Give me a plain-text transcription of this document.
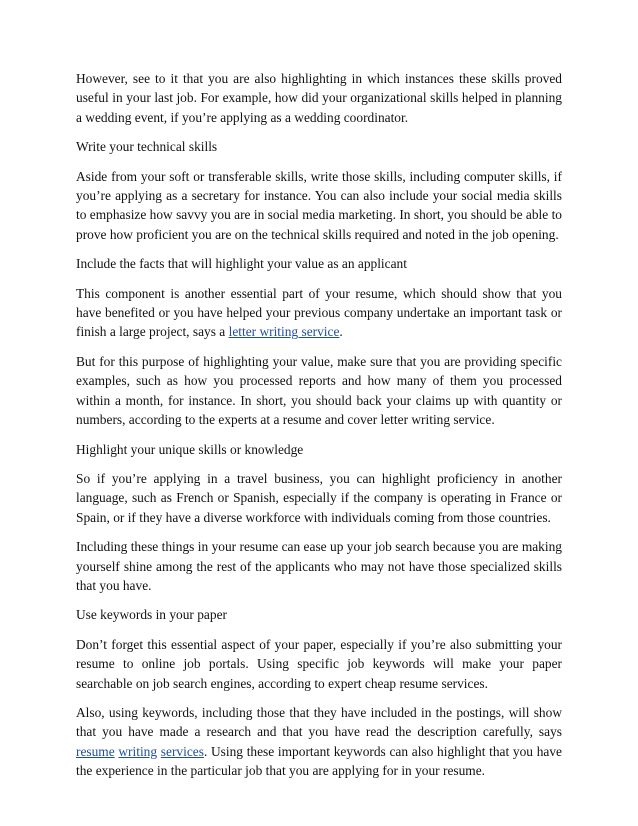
However, see to it that you are also highlighting in which instances these skills proved useful in your last job. For example, how did your organizational skills helped in planning a wedding event, if you’re applying as a wedding coordinator.

Write your technical skills

Aside from your soft or transferable skills, write those skills, including computer skills, if you’re applying as a secretary for instance. You can also include your social media skills to emphasize how savvy you are in social media marketing. In short, you should be able to prove how proficient you are on the technical skills required and noted in the job opening.

Include the facts that will highlight your value as an applicant

This component is another essential part of your resume, which should show that you have benefited or you have helped your previous company undertake an important task or finish a large project, says a letter writing service.

But for this purpose of highlighting your value, make sure that you are providing specific examples, such as how you processed reports and how many of them you processed within a month, for instance. In short, you should back your claims up with quantity or numbers, according to the experts at a resume and cover letter writing service.

Highlight your unique skills or knowledge

So if you’re applying in a travel business, you can highlight proficiency in another language, such as French or Spanish, especially if the company is operating in France or Spain, or if they have a diverse workforce with individuals coming from those countries.

Including these things in your resume can ease up your job search because you are making yourself shine among the rest of the applicants who may not have those specialized skills that you have.

Use keywords in your paper

Don’t forget this essential aspect of your paper, especially if you’re also submitting your resume to online job portals. Using specific job keywords will make your paper searchable on job search engines, according to expert cheap resume services.

Also, using keywords, including those that they have included in the postings, will show that you have made a research and that you have read the description carefully, says resume writing services. Using these important keywords can also highlight that you have the experience in the particular job that you are applying for in your resume.
